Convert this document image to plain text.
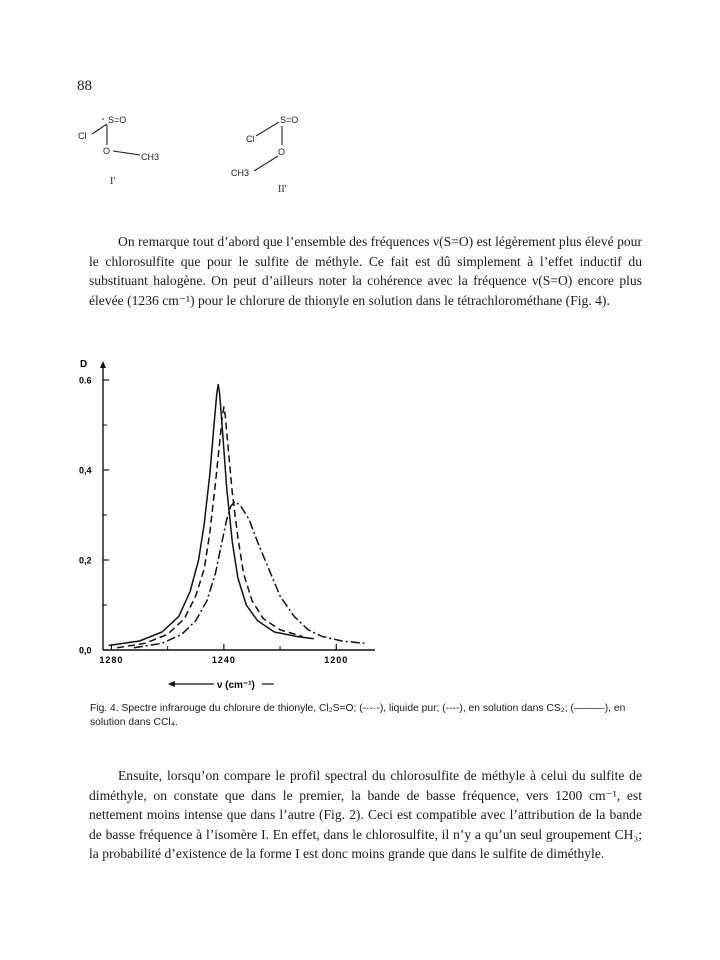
88
S=O
Cl
O
CH3
I'
S=O
Cl
O
CH3
II'

On remarque tout d’abord que l’ensemble des fréquences ν(S=O) est légèrement plus élevé pour le chlorosulfite que pour le sulfite de méthyle. Ce fait est dû simplement à l’effet inductif du substituant halogène. On peut d’ailleurs noter la cohérence avec la fréquence ν(S=O) encore plus élevée (1236 cm⁻¹) pour le chlorure de thionyle en solution dans le tétrachlorométhane (Fig. 4).

D
0,0
0,2
0,4
0.6
1280	1240	1200
ν (cm⁻¹)
Fig. 4. Spectre infrarouge du chlorure de thionyle, Cl₂S=O; (-·-·-), liquide pur; (----), en solution dans CS₂; (———), en solution dans CCl₄.

Ensuite, lorsqu’on compare le profil spectral du chlorosulfite de méthyle à celui du sulfite de diméthyle, on constate que dans le premier, la bande de basse fréquence, vers 1200 cm⁻¹, est nettement moins intense que dans l’autre (Fig. 2). Ceci est compatible avec l’attribution de la bande de basse fréquence à l’isomère I. En effet, dans le chlorosulfite, il n’y a qu’un seul groupement CH₃; la probabilité d’existence de la forme I est donc moins grande que dans le sulfite de diméthyle.
